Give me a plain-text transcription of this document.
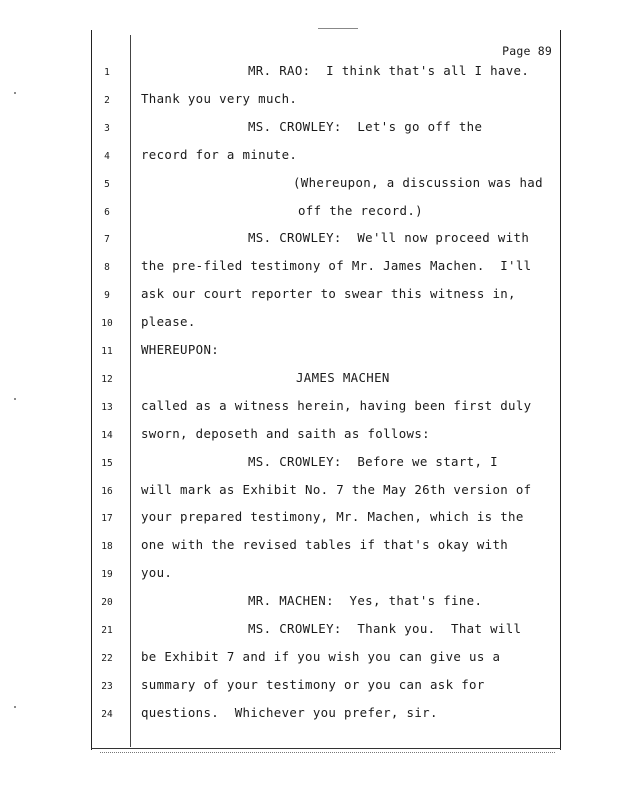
Page 89
1	MR. RAO:  I think that's all I have.
2	Thank you very much.
3	MS. CROWLEY:  Let's go off the
4	record for a minute.
5	(Whereupon, a discussion was had
6	off the record.)
7	MS. CROWLEY:  We'll now proceed with
8	the pre-filed testimony of Mr. James Machen.  I'll
9	ask our court reporter to swear this witness in,
10	please.
11	WHEREUPON:
12	JAMES MACHEN
13	called as a witness herein, having been first duly
14	sworn, deposeth and saith as follows:
15	MS. CROWLEY:  Before we start, I
16	will mark as Exhibit No. 7 the May 26th version of
17	your prepared testimony, Mr. Machen, which is the
18	one with the revised tables if that's okay with
19	you.
20	MR. MACHEN:  Yes, that's fine.
21	MS. CROWLEY:  Thank you.  That will
22	be Exhibit 7 and if you wish you can give us a
23	summary of your testimony or you can ask for
24	questions.  Whichever you prefer, sir.
